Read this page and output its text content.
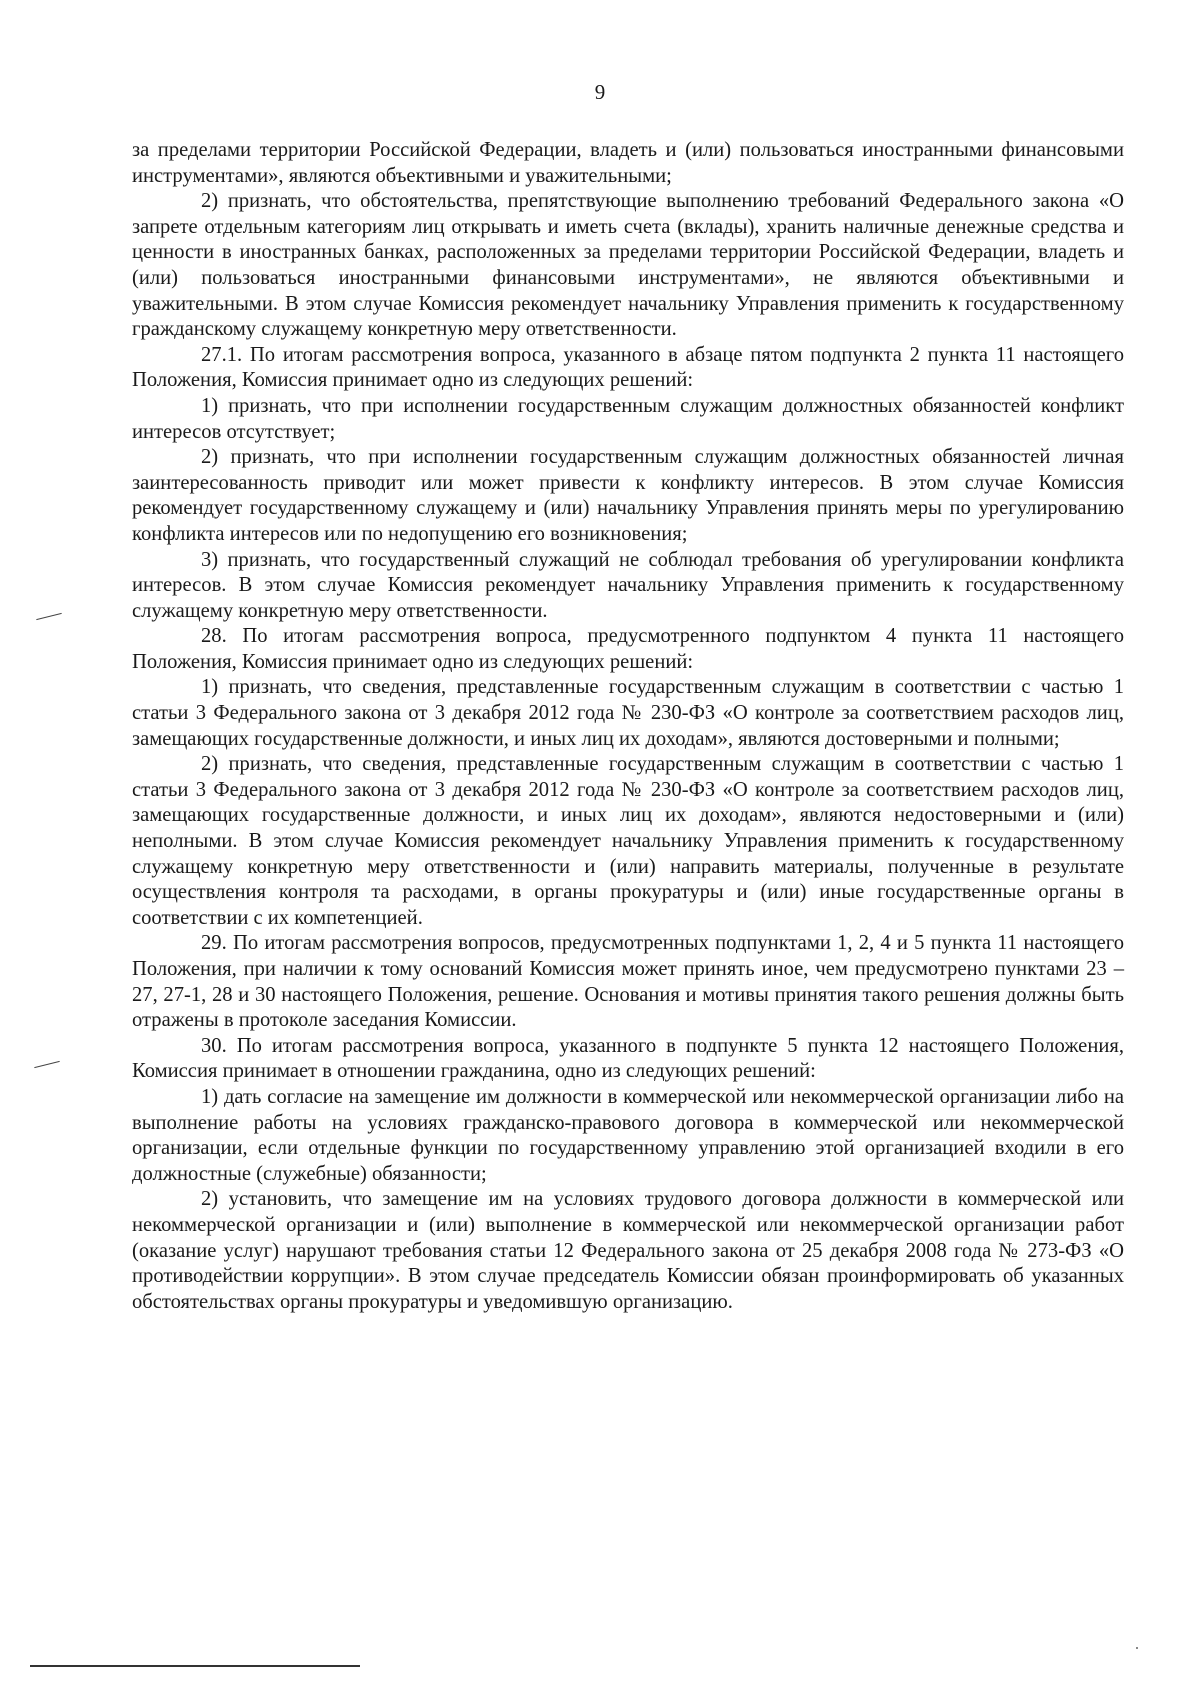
9

за пределами территории Российской Федерации, владеть и (или) пользоваться иностранными финансовыми инструментами», являются объективными и уважительными;

2) признать, что обстоятельства, препятствующие выполнению требований Федерального закона «О запрете отдельным категориям лиц открывать и иметь счета (вклады), хранить наличные денежные средства и ценности в иностранных банках, расположенных за пределами территории Российской Федерации, владеть и (или) пользоваться иностранными финансовыми инструментами», не являются объективными и уважительными. В этом случае Комиссия рекомендует начальнику Управления применить к государственному гражданскому служащему конкретную меру ответственности.

27.1. По итогам рассмотрения вопроса, указанного в абзаце пятом подпункта 2 пункта 11 настоящего Положения, Комиссия принимает одно из следующих решений:

1) признать, что при исполнении государственным служащим должностных обязанностей конфликт интересов отсутствует;

2) признать, что при исполнении государственным служащим должностных обязанностей личная заинтересованность приводит или может привести к конфликту интересов. В этом случае Комиссия рекомендует государственному служащему и (или) начальнику Управления принять меры по урегулированию конфликта интересов или по недопущению его возникновения;

3) признать, что государственный служащий не соблюдал требования об урегулировании конфликта интересов. В этом случае Комиссия рекомендует начальнику Управления применить к государственному служащему конкретную меру ответственности.

28. По итогам рассмотрения вопроса, предусмотренного подпунктом 4 пункта 11 настоящего Положения, Комиссия принимает одно из следующих решений:

1) признать, что сведения, представленные государственным служащим в соответствии с частью 1 статьи 3 Федерального закона от 3 декабря 2012 года № 230-ФЗ «О контроле за соответствием расходов лиц, замещающих государственные должности, и иных лиц их доходам», являются достоверными и полными;

2) признать, что сведения, представленные государственным служащим в соответствии с частью 1 статьи 3 Федерального закона от 3 декабря 2012 года № 230-ФЗ «О контроле за соответствием расходов лиц, замещающих государственные должности, и иных лиц их доходам», являются недостоверными и (или) неполными. В этом случае Комиссия рекомендует начальнику Управления применить к государственному служащему конкретную меру ответственности и (или) направить материалы, полученные в результате осуществления контроля та расходами, в органы прокуратуры и (или) иные государственные органы в соответствии с их компетенцией.

29. По итогам рассмотрения вопросов, предусмотренных подпунктами 1, 2, 4 и 5 пункта 11 настоящего Положения, при наличии к тому оснований Комиссия может принять иное, чем предусмотрено пунктами 23 – 27, 27-1, 28 и 30 настоящего Положения, решение. Основания и мотивы принятия такого решения должны быть отражены в протоколе заседания Комиссии.

30. По итогам рассмотрения вопроса, указанного в подпункте 5 пункта 12 настоящего Положения, Комиссия принимает в отношении гражданина, одно из следующих решений:

1) дать согласие на замещение им должности в коммерческой или некоммерческой организации либо на выполнение работы на условиях гражданско-правового договора в коммерческой или некоммерческой организации, если отдельные функции по государственному управлению этой организацией входили в его должностные (служебные) обязанности;

2) установить, что замещение им на условиях трудового договора должности в коммерческой или некоммерческой организации и (или) выполнение в коммерческой или некоммерческой организации работ (оказание услуг) нарушают требования статьи 12 Федерального закона от 25 декабря 2008 года № 273-ФЗ «О противодействии коррупции». В этом случае председатель Комиссии обязан проинформировать об указанных обстоятельствах органы прокуратуры и уведомившую организацию.
